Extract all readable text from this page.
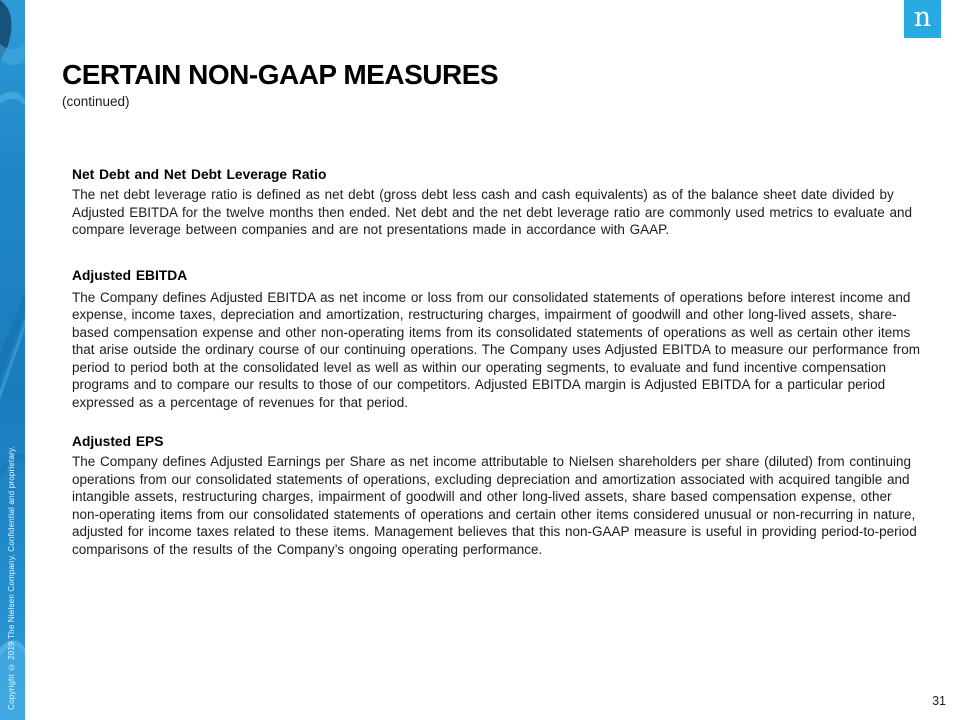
Copyright © 2019 The Nielsen Company. Confidential and proprietary.
n
CERTAIN NON-GAAP MEASURES
(continued)
Net Debt and Net Debt Leverage Ratio

The net debt leverage ratio is defined as net debt (gross debt less cash and cash equivalents) as of the balance sheet date divided by Adjusted EBITDA for the twelve months then ended. Net debt and the net debt leverage ratio are commonly used metrics to evaluate and compare leverage between companies and are not presentations made in accordance with GAAP.

Adjusted EBITDA

The Company defines Adjusted EBITDA as net income or loss from our consolidated statements of operations before interest income and expense, income taxes, depreciation and amortization, restructuring charges, impairment of goodwill and other long-lived assets, share-based compensation expense and other non-operating items from its consolidated statements of operations as well as certain other items that arise outside the ordinary course of our continuing operations. The Company uses Adjusted EBITDA to measure our performance from period to period both at the consolidated level as well as within our operating segments, to evaluate and fund incentive compensation programs and to compare our results to those of our competitors. Adjusted EBITDA margin is Adjusted EBITDA for a particular period expressed as a percentage of revenues for that period.

Adjusted EPS

The Company defines Adjusted Earnings per Share as net income attributable to Nielsen shareholders per share (diluted) from continuing operations from our consolidated statements of operations, excluding depreciation and amortization associated with acquired tangible and intangible assets, restructuring charges, impairment of goodwill and other long-lived assets, share based compensation expense, other non-operating items from our consolidated statements of operations and certain other items considered unusual or non-recurring in nature, adjusted for income taxes related to these items. Management believes that this non-GAAP measure is useful in providing period-to-period comparisons of the results of the Company’s ongoing operating performance.

31
